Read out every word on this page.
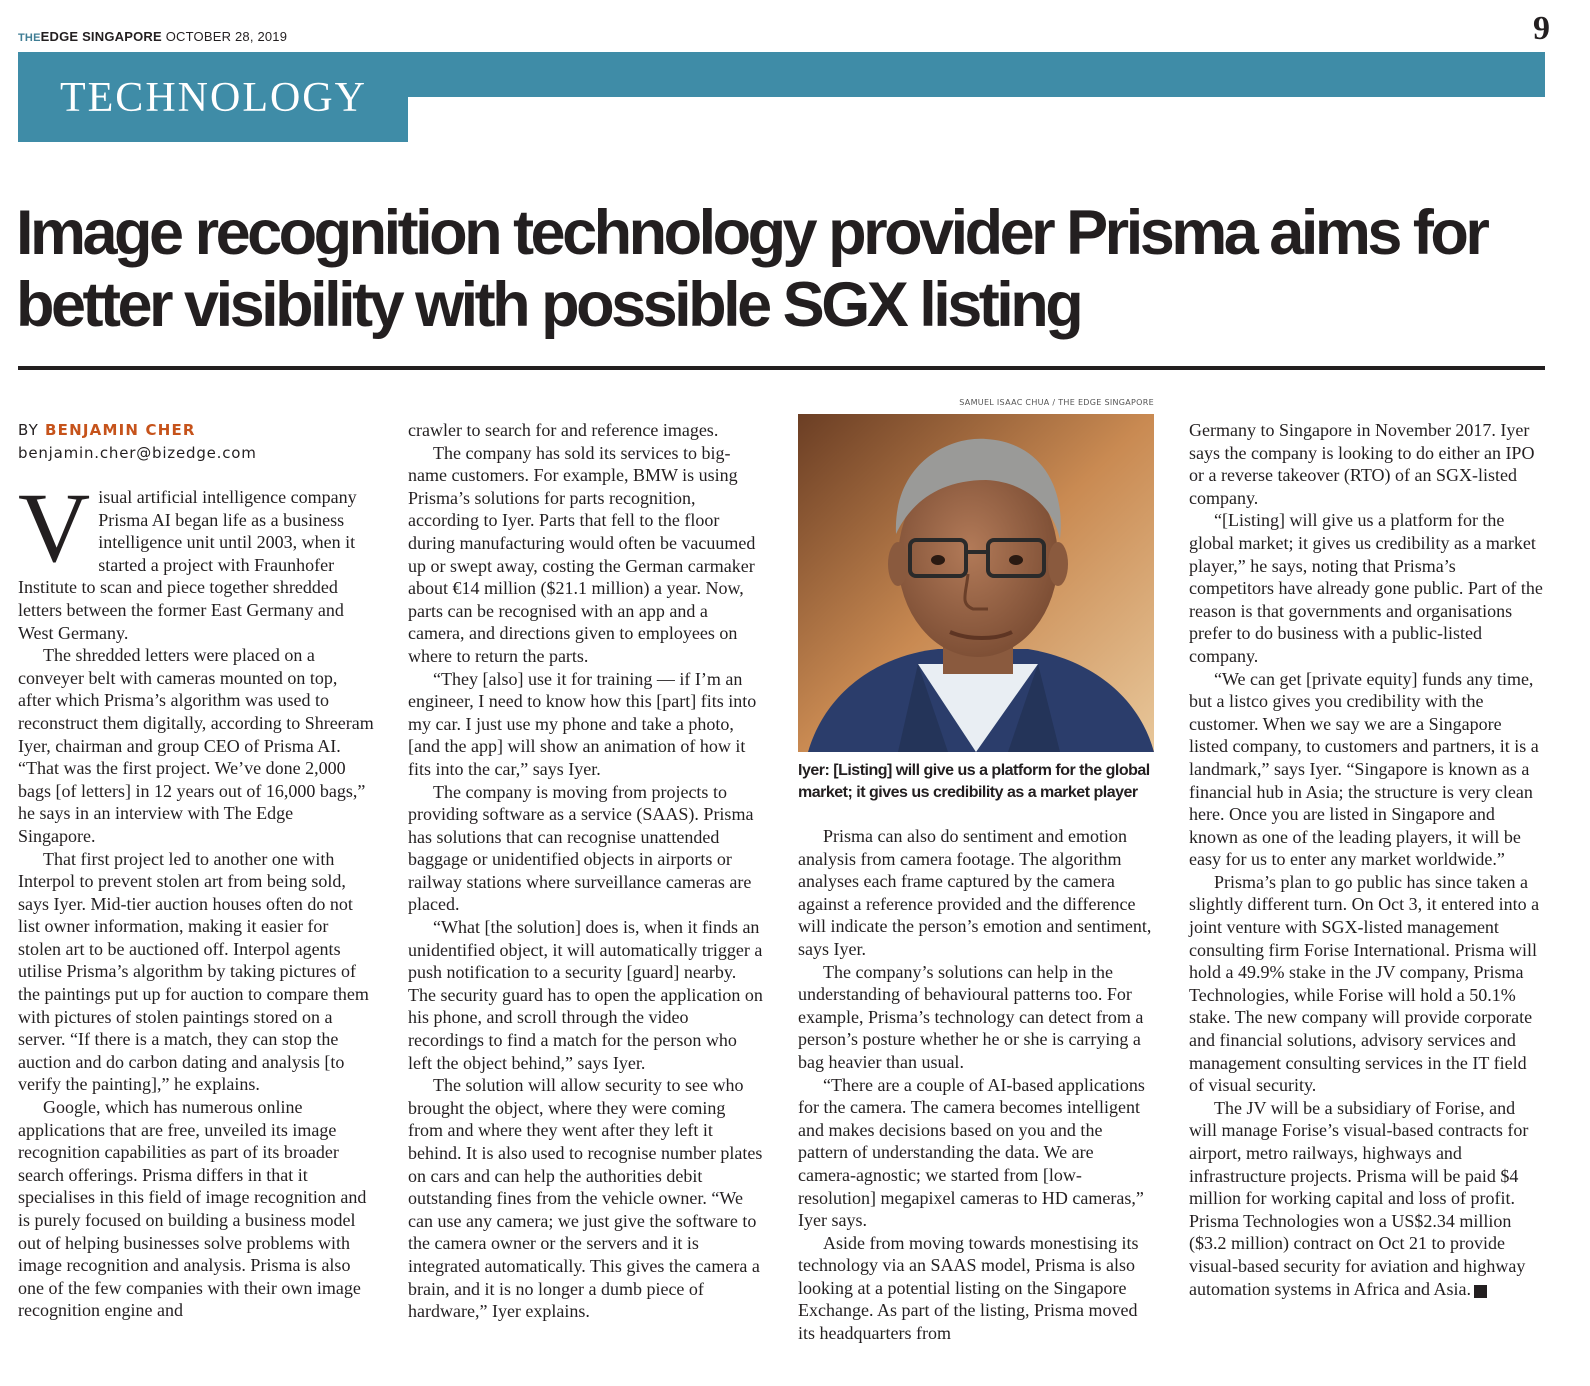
THEEDGE SINGAPORE OCTOBER 28, 2019	9
TECHNOLOGY
Image recognition technology provider Prisma aims for better visibility with possible SGX listing
BY BENJAMIN CHER
benjamin.cher@bizedge.com

Visual artificial intelligence company Prisma AI began life as a business intelligence unit until 2003, when it started a project with Fraunhofer Institute to scan and piece together shredded letters between the former East Germany and West Germany.

The shredded letters were placed on a conveyer belt with cameras mounted on top, after which Prisma’s algorithm was used to reconstruct them digitally, according to Shreeram Iyer, chairman and group CEO of Prisma AI. “That was the first project. We’ve done 2,000 bags [of letters] in 12 years out of 16,000 bags,” he says in an interview with The Edge Singapore.

That first project led to another one with Interpol to prevent stolen art from being sold, says Iyer. Mid-tier auction houses often do not list owner information, making it easier for stolen art to be auctioned off. Interpol agents utilise Prisma’s algorithm by taking pictures of the paintings put up for auction to compare them with pictures of stolen paintings stored on a server. “If there is a match, they can stop the auction and do carbon dating and analysis [to verify the painting],” he explains.

Google, which has numerous online applications that are free, unveiled its image recognition capabilities as part of its broader search offerings. Prisma differs in that it specialises in this field of image recognition and is purely focused on building a business model out of helping businesses solve problems with image recognition and analysis. Prisma is also one of the few companies with their own image recognition engine and

crawler to search for and reference images.

The company has sold its services to big-name customers. For example, BMW is using Prisma’s solutions for parts recognition, according to Iyer. Parts that fell to the floor during manufacturing would often be vacuumed up or swept away, costing the German carmaker about €14 million ($21.1 million) a year. Now, parts can be recognised with an app and a camera, and directions given to employees on where to return the parts.

“They [also] use it for training — if I’m an engineer, I need to know how this [part] fits into my car. I just use my phone and take a photo, [and the app] will show an animation of how it fits into the car,” says Iyer.

The company is moving from projects to providing software as a service (SAAS). Prisma has solutions that can recognise unattended baggage or unidentified objects in airports or railway stations where surveillance cameras are placed.

“What [the solution] does is, when it finds an unidentified object, it will automatically trigger a push notification to a security [guard] nearby. The security guard has to open the application on his phone, and scroll through the video recordings to find a match for the person who left the object behind,” says Iyer.

The solution will allow security to see who brought the object, where they were coming from and where they went after they left it behind. It is also used to recognise number plates on cars and can help the authorities debit outstanding fines from the vehicle owner. “We can use any camera; we just give the software to the camera owner or the servers and it is integrated automatically. This gives the camera a brain, and it is no longer a dumb piece of hardware,” Iyer explains.

SAMUEL ISAAC CHUA / THE EDGE SINGAPORE
Iyer: [Listing] will give us a platform for the global market; it gives us credibility as a market player

Prisma can also do sentiment and emotion analysis from camera footage. The algorithm analyses each frame captured by the camera against a reference provided and the difference will indicate the person’s emotion and sentiment, says Iyer.

The company’s solutions can help in the understanding of behavioural patterns too. For example, Prisma’s technology can detect from a person’s posture whether he or she is carrying a bag heavier than usual.

“There are a couple of AI-based applications for the camera. The camera becomes intelligent and makes decisions based on you and the pattern of understanding the data. We are camera-agnostic; we started from [low-resolution] megapixel cameras to HD cameras,” Iyer says.

Aside from moving towards monestising its technology via an SAAS model, Prisma is also looking at a potential listing on the Singapore Exchange. As part of the listing, Prisma moved its headquarters from

Germany to Singapore in November 2017. Iyer says the company is looking to do either an IPO or a reverse takeover (RTO) of an SGX-listed company.

“[Listing] will give us a platform for the global market; it gives us credibility as a market player,” he says, noting that Prisma’s competitors have already gone public. Part of the reason is that governments and organisations prefer to do business with a public-listed company.

“We can get [private equity] funds any time, but a listco gives you credibility with the customer. When we say we are a Singapore listed company, to customers and partners, it is a landmark,” says Iyer. “Singapore is known as a financial hub in Asia; the structure is very clean here. Once you are listed in Singapore and known as one of the leading players, it will be easy for us to enter any market worldwide.”

Prisma’s plan to go public has since taken a slightly different turn. On Oct 3, it entered into a joint venture with SGX-listed management consulting firm Forise International. Prisma will hold a 49.9% stake in the JV company, Prisma Technologies, while Forise will hold a 50.1% stake. The new company will provide corporate and financial solutions, advisory services and management consulting services in the IT field of visual security.

The JV will be a subsidiary of Forise, and will manage Forise’s visual-based contracts for airport, metro railways, highways and infrastructure projects. Prisma will be paid $4 million for working capital and loss of profit. Prisma Technologies won a US$2.34 million ($3.2 million) contract on Oct 21 to provide visual-based security for aviation and highway automation systems in Africa and Asia.	E
